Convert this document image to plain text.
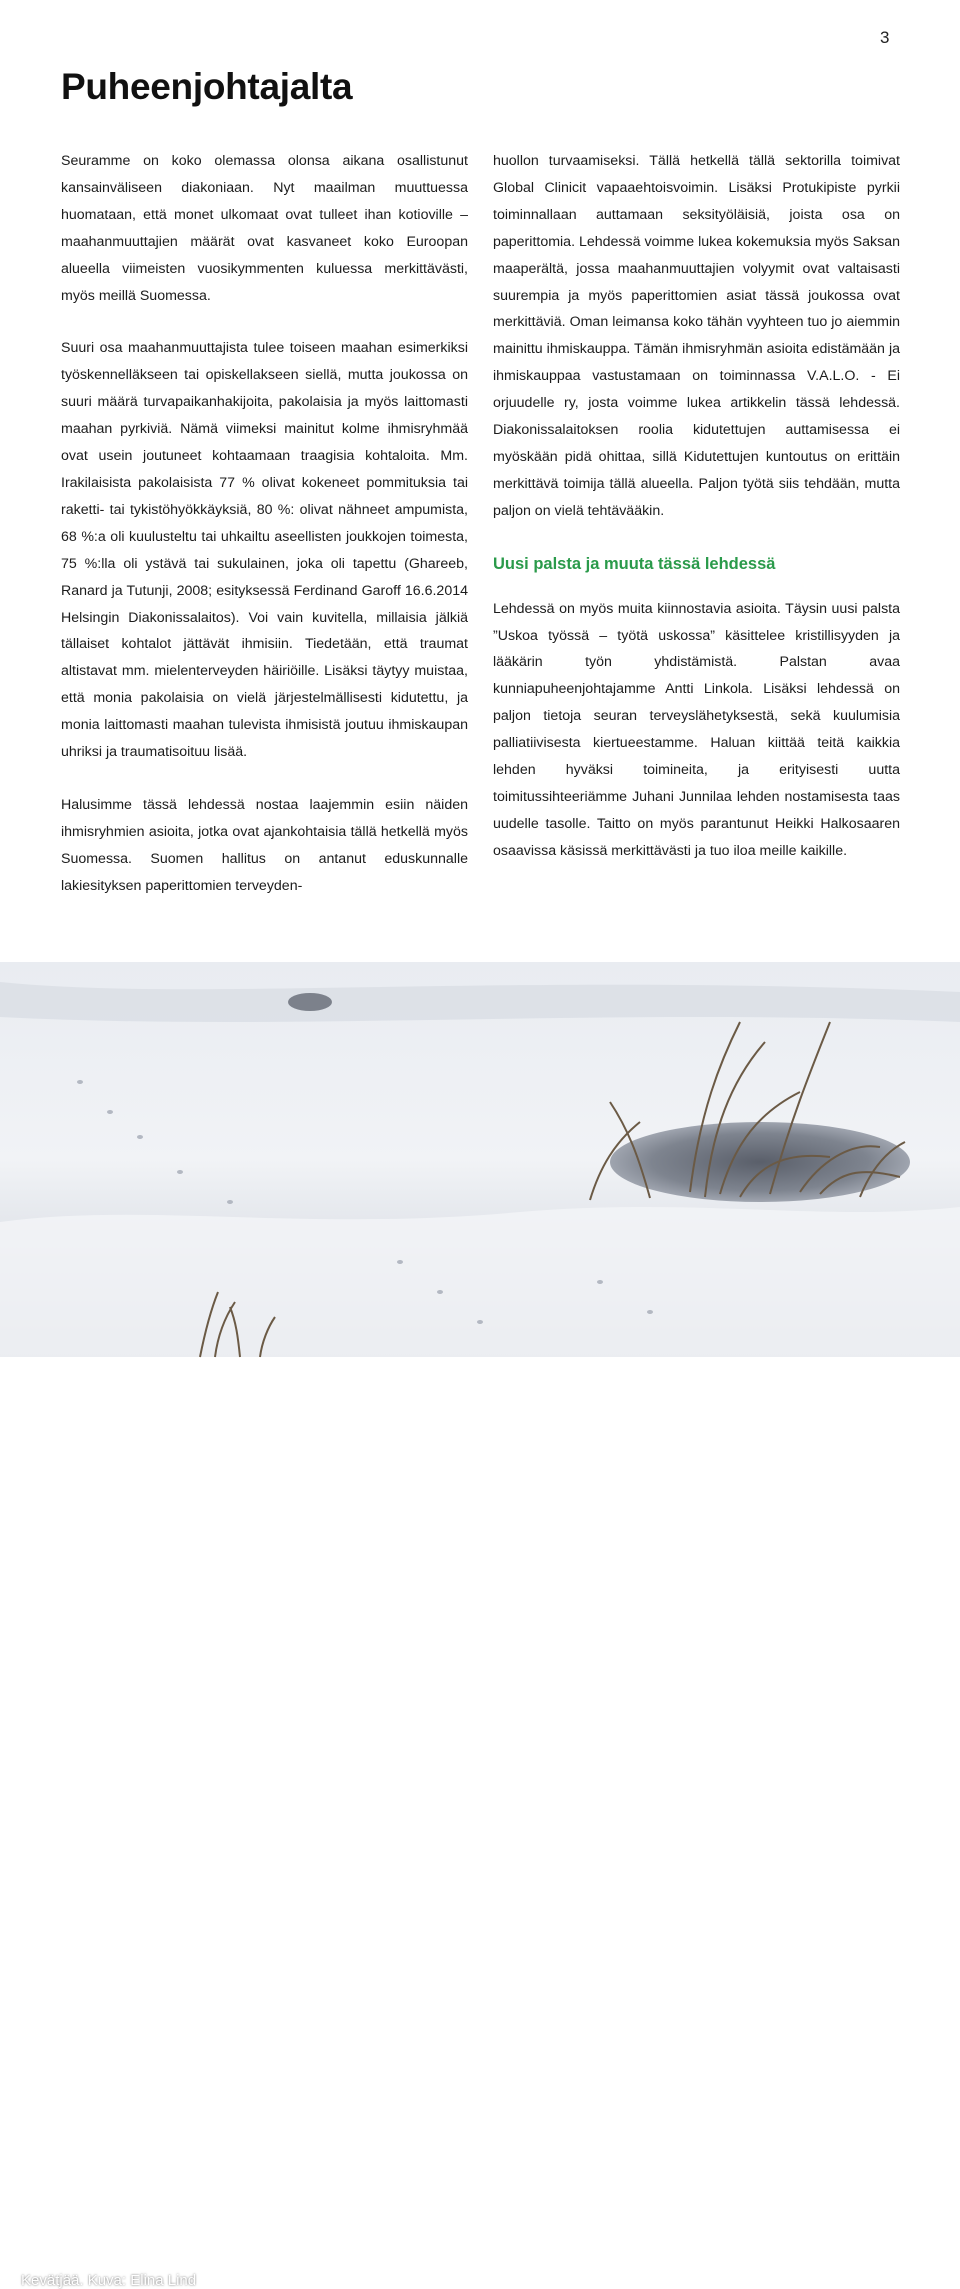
3
Puheenjohtajalta

Seuramme on koko olemassa olonsa aikana osallistunut kansainväliseen diakoniaan. Nyt maailman muuttuessa huomataan, että monet ulkomaat ovat tulleet ihan kotioville – maahanmuuttajien määrät ovat kasvaneet koko Euroopan alueella viimeisten vuosikymmenten kuluessa merkittävästi, myös meillä Suomessa.

Suuri osa maahanmuuttajista tulee toiseen maahan esimerkiksi työskennelläkseen tai opiskellakseen siellä, mutta joukossa on suuri määrä turvapaikanhakijoita, pakolaisia ja myös laittomasti maahan pyrkiviä. Nämä viimeksi mainitut kolme ihmisryhmää ovat usein joutuneet kohtaamaan traagisia kohtaloita. Mm. Irakilaisista pakolaisista 77 % olivat kokeneet pommituksia tai raketti- tai tykistöhyökkäyksiä, 80 %: olivat nähneet ampumista, 68 %:a oli kuulusteltu tai uhkailtu aseellisten joukkojen toimesta, 75 %:lla oli ystävä tai sukulainen, joka oli tapettu (Ghareeb, Ranard ja Tutunji, 2008; esityksessä Ferdinand Garoff 16.6.2014 Helsingin Diakonissalaitos). Voi vain kuvitella, millaisia jälkiä tällaiset kohtalot jättävät ihmisiin. Tiedetään, että traumat altistavat mm. mielenterveyden häiriöille. Lisäksi täytyy muistaa, että monia pakolaisia on vielä järjestelmällisesti kidutettu, ja monia laittomasti maahan tulevista ihmisistä joutuu ihmiskaupan uhriksi ja traumatisoituu lisää.

Halusimme tässä lehdessä nostaa laajemmin esiin näiden ihmisryhmien asioita, jotka ovat ajankohtaisia tällä hetkellä myös Suomessa. Suomen hallitus on antanut eduskunnalle lakiesityksen paperittomien terveyden-

huollon turvaamiseksi. Tällä hetkellä tällä sektorilla toimivat Global Clinicit vapaaehtoisvoimin. Lisäksi Protukipiste pyrkii toiminnallaan auttamaan seksityöläisiä, joista osa on paperittomia. Lehdessä voimme lukea kokemuksia myös Saksan maaperältä, jossa maahanmuuttajien volyymit ovat valtaisasti suurempia ja myös paperittomien asiat tässä joukossa ovat merkittäviä. Oman leimansa koko tähän vyyhteen tuo jo aiemmin mainittu ihmiskauppa. Tämän ihmisryhmän asioita edistämään ja ihmiskauppaa vastustamaan on toiminnassa V.A.L.O. - Ei orjuudelle ry, josta voimme lukea artikkelin tässä lehdessä. Diakonissalaitoksen roolia kidutettujen auttamisessa ei myöskään pidä ohittaa, sillä Kidutettujen kuntoutus on erittäin merkittävä toimija tällä alueella. Paljon työtä siis tehdään, mutta paljon on vielä tehtävääkin.

Uusi palsta ja muuta tässä lehdessä

Lehdessä on myös muita kiinnostavia asioita. Täysin uusi palsta ”Uskoa työssä – työtä uskossa” käsittelee kristillisyyden ja lääkärin työn yhdistämistä. Palstan avaa kunniapuheenjohtajamme Antti Linkola. Lisäksi lehdessä on paljon tietoja seuran terveyslähetyksestä, sekä kuulumisia palliatiivisesta kiertueestamme. Haluan kiittää teitä kaikkia lehden hyväksi toimineita, ja erityisesti uutta toimitussihteeriämme Juhani Junnilaa lehden nostamisesta taas uudelle tasolle. Taitto on myös parantunut Heikki Halkosaaren osaavissa käsissä merkittävästi ja tuo iloa meille kaikille.

Kevätjää. Kuva: Elina Lind
